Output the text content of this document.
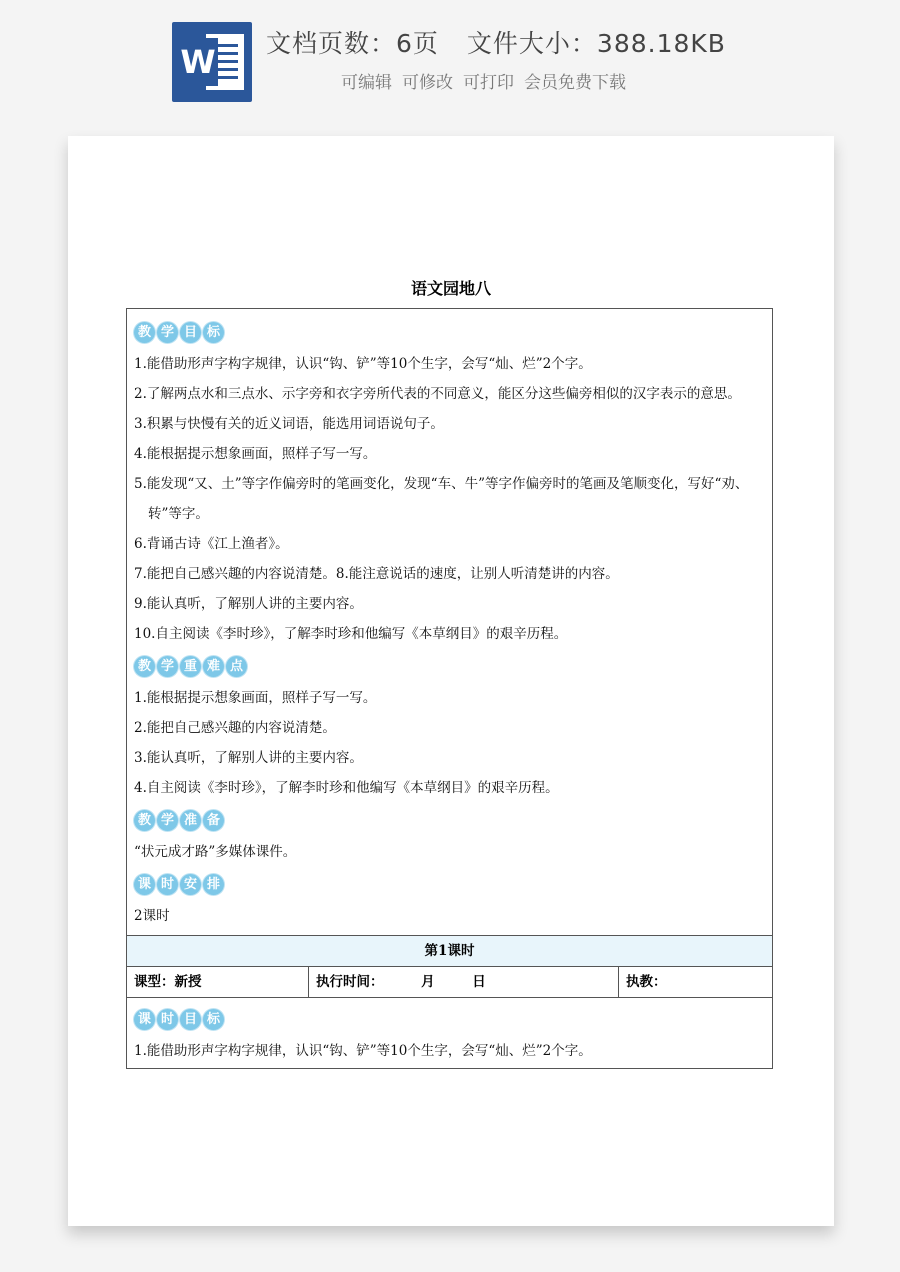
W 文档页数：6页 文件大小：388.18KB
可编辑 可修改 可打印 会员免费下载
语文园地八
教 学 目 标
1.能借助形声字构字规律，认识“钩、铲”等10个生字，会写“灿、烂”2个字。
2.了解两点水和三点水、示字旁和衣字旁所代表的不同意义，能区分这些偏旁相似的汉字表示的意思。
3.积累与快慢有关的近义词语，能选用词语说句子。
4.能根据提示想象画面，照样子写一写。
5.能发现“又、土”等字作偏旁时的笔画变化，发现“车、牛”等字作偏旁时的笔画及笔顺变化，写好“劝、转”等字。
6.背诵古诗《江上渔者》。
7.能把自己感兴趣的内容说清楚。8.能注意说话的速度，让别人听清楚讲的内容。
9.能认真听，了解别人讲的主要内容。
10.自主阅读《李时珍》，了解李时珍和他编写《本草纲目》的艰辛历程。
教 学 重 难 点
1.能根据提示想象画面，照样子写一写。
2.能把自己感兴趣的内容说清楚。
3.能认真听，了解别人讲的主要内容。
4.自主阅读《李时珍》，了解李时珍和他编写《本草纲目》的艰辛历程。
教 学 准 备
“状元成才路”多媒体课件。
课 时 安 排
2课时
第1课时
课型：新授	执行时间：        月        日	执教：
课 时 目 标
1.能借助形声字构字规律，认识“钩、铲”等10个生字，会写“灿、烂”2个字。
